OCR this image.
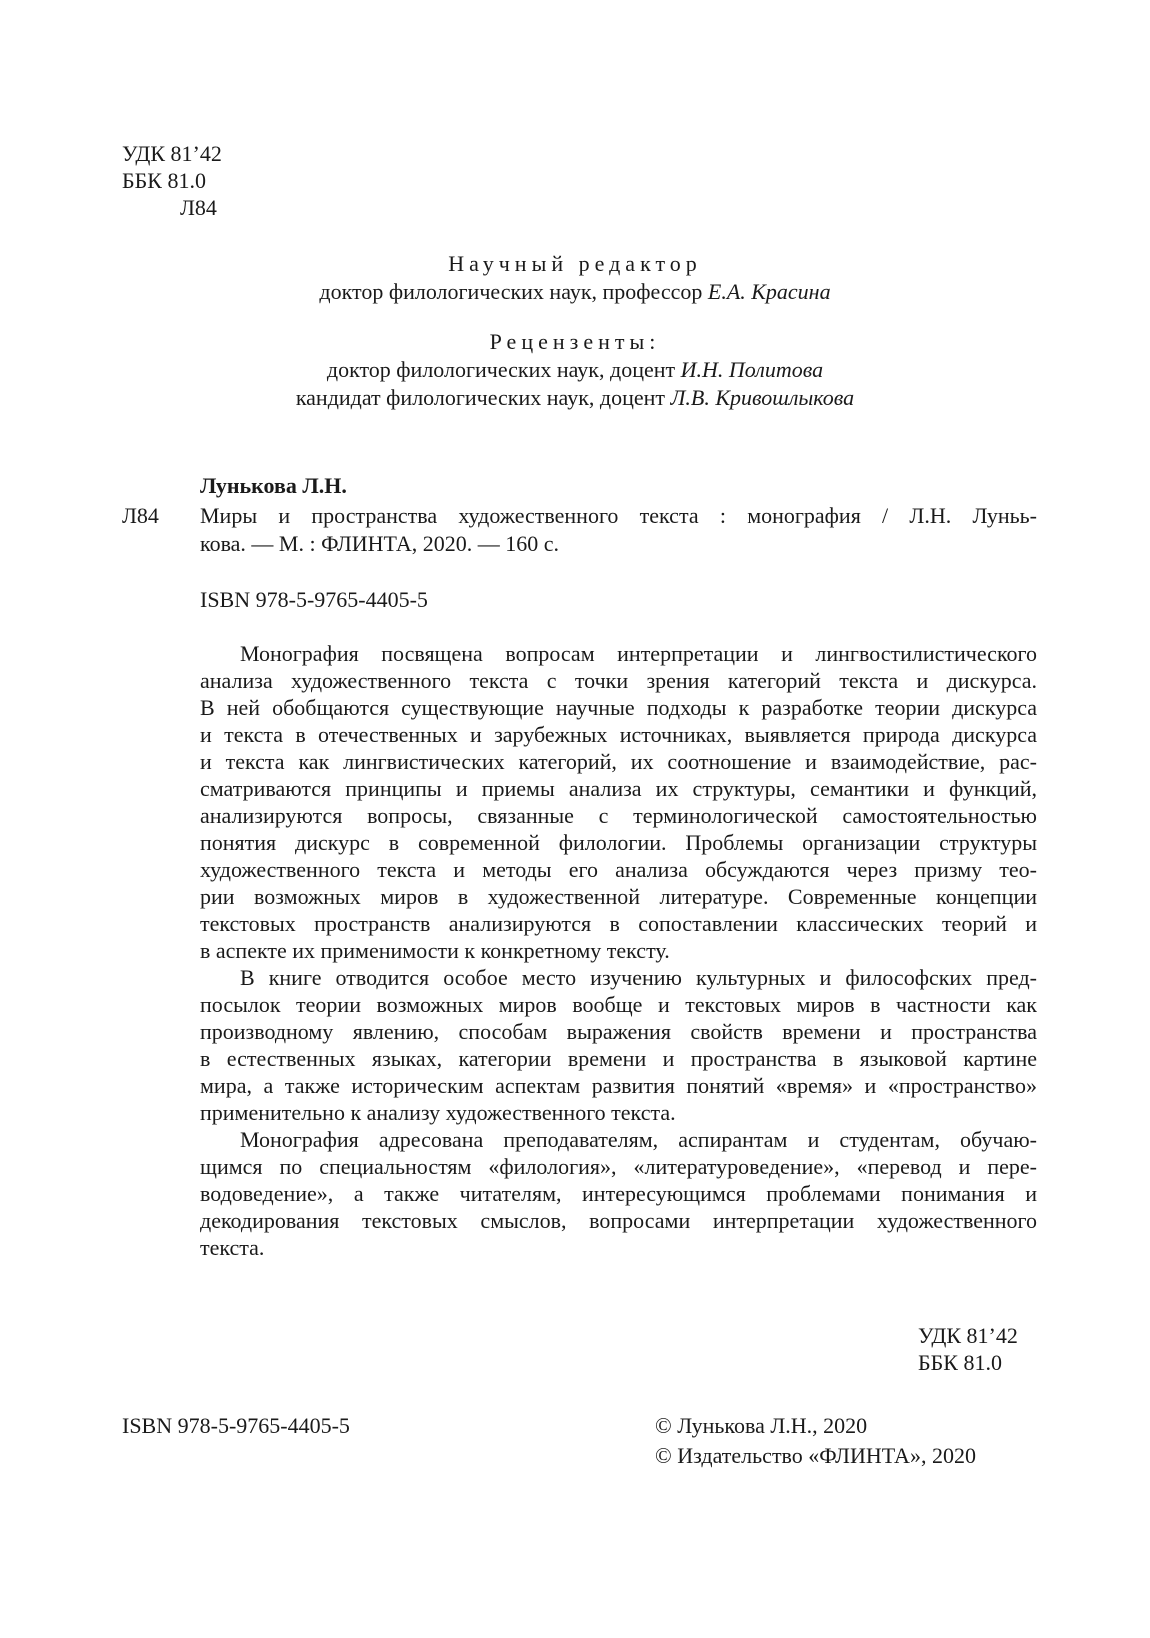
УДК 81’42
ББК 81.0
Л84
Научный редактор
доктор филологических наук, профессор Е.А. Красина
Рецензенты:
доктор филологических наук, доцент И.Н. Политова
кандидат филологических наук, доцент Л.В. Кривошлыкова
Лунькова Л.Н.
Л84 Миры и пространства художественного текста : монография / Л.Н. Луньь-
кова. — М. : ФЛИНТА, 2020. — 160 с.
ISBN 978-5-9765-4405-5
Монография посвящена вопросам интерпретации и лингвостилистического
анализа художественного текста с точки зрения категорий текста и дискурса.
В ней обобщаются существующие научные подходы к разработке теории дискурса
и текста в отечественных и зарубежных источниках, выявляется природа дискурса
и текста как лингвистических категорий, их соотношение и взаимодействие, рас-
сматриваются принципы и приемы анализа их структуры, семантики и функций,
анализируются вопросы, связанные с терминологической самостоятельностью
понятия дискурс в современной филологии. Проблемы организации структуры
художественного текста и методы его анализа обсуждаются через призму тео-
рии возможных миров в художественной литературе. Современные концепции
текстовых пространств анализируются в сопоставлении классических теорий и
в аспекте их применимости к конкретному тексту.
В книге отводится особое место изучению культурных и философских пред-
посылок теории возможных миров вообще и текстовых миров в частности как
производному явлению, способам выражения свойств времени и пространства
в естественных языках, категории времени и пространства в языковой картине
мира, а также историческим аспектам развития понятий «время» и «пространство»
применительно к анализу художественного текста.
Монография адресована преподавателям, аспирантам и студентам, обучаю-
щимся по специальностям «филология», «литературоведение», «перевод и пере-
водоведение», а также читателям, интересующимся проблемами понимания и
декодирования текстовых смыслов, вопросами интерпретации художественного
текста.
УДК 81’42
ББК 81.0
ISBN 978-5-9765-4405-5	© Лунькова Л.Н., 2020
© Издательство «ФЛИНТА», 2020
